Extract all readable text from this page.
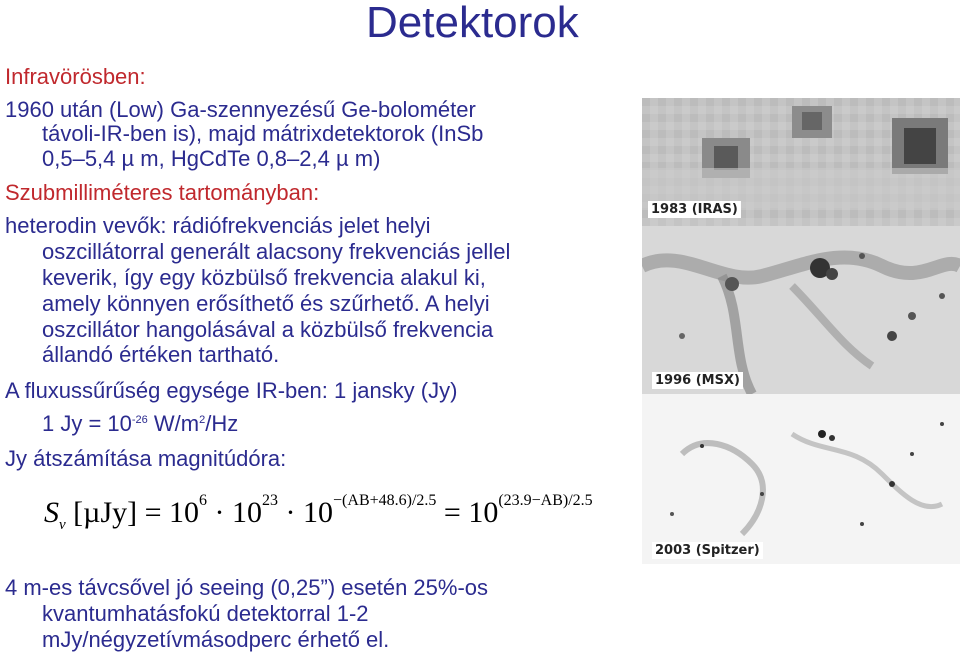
Detektorok
Infravörösben:
1960 után (Low) Ga-szennyezésű Ge-bolométer
távoli-IR-ben is), majd mátrixdetektorok (InSb
0,5–5,4 µ m, HgCdTe 0,8–2,4 µ m)
Szubmilliméteres tartományban:
heterodin vevők: rádiófrekvenciás jelet helyi
oszcillátorral generált alacsony frekvenciás jellel
keverik, így egy közbülső frekvencia alakul ki,
amely könnyen erősíthető és szűrhető. A helyi
oszcillátor hangolásával a közbülső frekvencia
állandó értéken tartható.
A fluxussűrűség egysége IR-ben: 1 jansky (Jy)
1 $Jy = 10^{-26}$ $W/m^2/Hz$
Jy átszámítása magnitúdóra:
$S_v$ $[\mu Jy] = 10^6 \cdot 10^{23} \cdot 10^{-(AB+48.6)/2.5} = 10^{(23.9-AB)/2.5}$
4 m-es távcsővel jó seeing (0,25”) esetén 25%-os
kvantumhatásfokú detektorral 1-2
mJy/négyzetívmásodperc érhető el.
1983 (IRAS)
1996 (MSX)
2003 (Spitzer)
